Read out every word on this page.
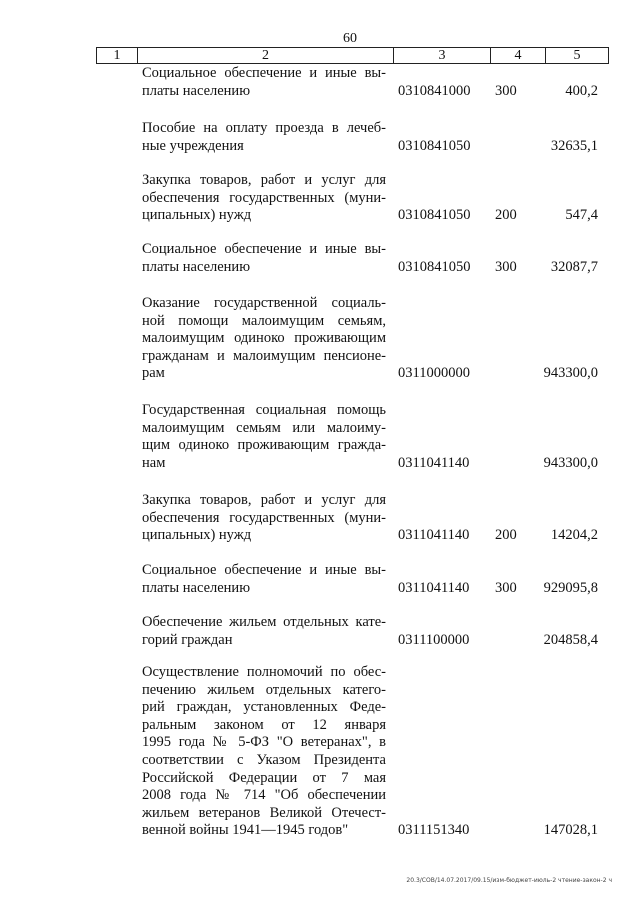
60
1	2	3	4	5
Социальное обеспечение и иные вы-
платы населению	0310841000 300	400,2
Пособие на оплату проезда в лечеб-
ные учреждения	0310841050	32635,1
Закупка товаров, работ и услуг для
обеспечения государственных (муни-
ципальных) нужд	0310841050 200	547,4
Социальное обеспечение и иные вы-
платы населению	0310841050 300 32087,7
Оказание государственной социаль-
ной помощи малоимущим семьям,
малоимущим одиноко проживающим
гражданам и малоимущим пенсионе-
рам	0311000000	943300,0
Государственная социальная помощь
малоимущим семьям или малоиму-
щим одиноко проживающим гражда-
нам	0311041140	943300,0
Закупка товаров, работ и услуг для
обеспечения государственных (муни-
ципальных) нужд	0311041140 200 14204,2
Социальное обеспечение и иные вы-
платы населению	0311041140 300 929095,8
Обеспечение жильем отдельных кате-
горий граждан	0311100000	204858,4
Осуществление полномочий по обес-
печению жильем отдельных катего-
рий граждан, установленных Феде-
ральным законом от 12 января
1995 года № 5-ФЗ "О ветеранах", в
соответствии с Указом Президента
Российской Федерации от 7 мая
2008 года № 714 "Об обеспечении
жильем ветеранов Великой Отечест-
венной войны 1941—1945 годов"	0311151340	147028,1
20.3/СОВ/14.07.2017/09.15/изм-бюджет-июль-2 чтение-закон-2 ч
